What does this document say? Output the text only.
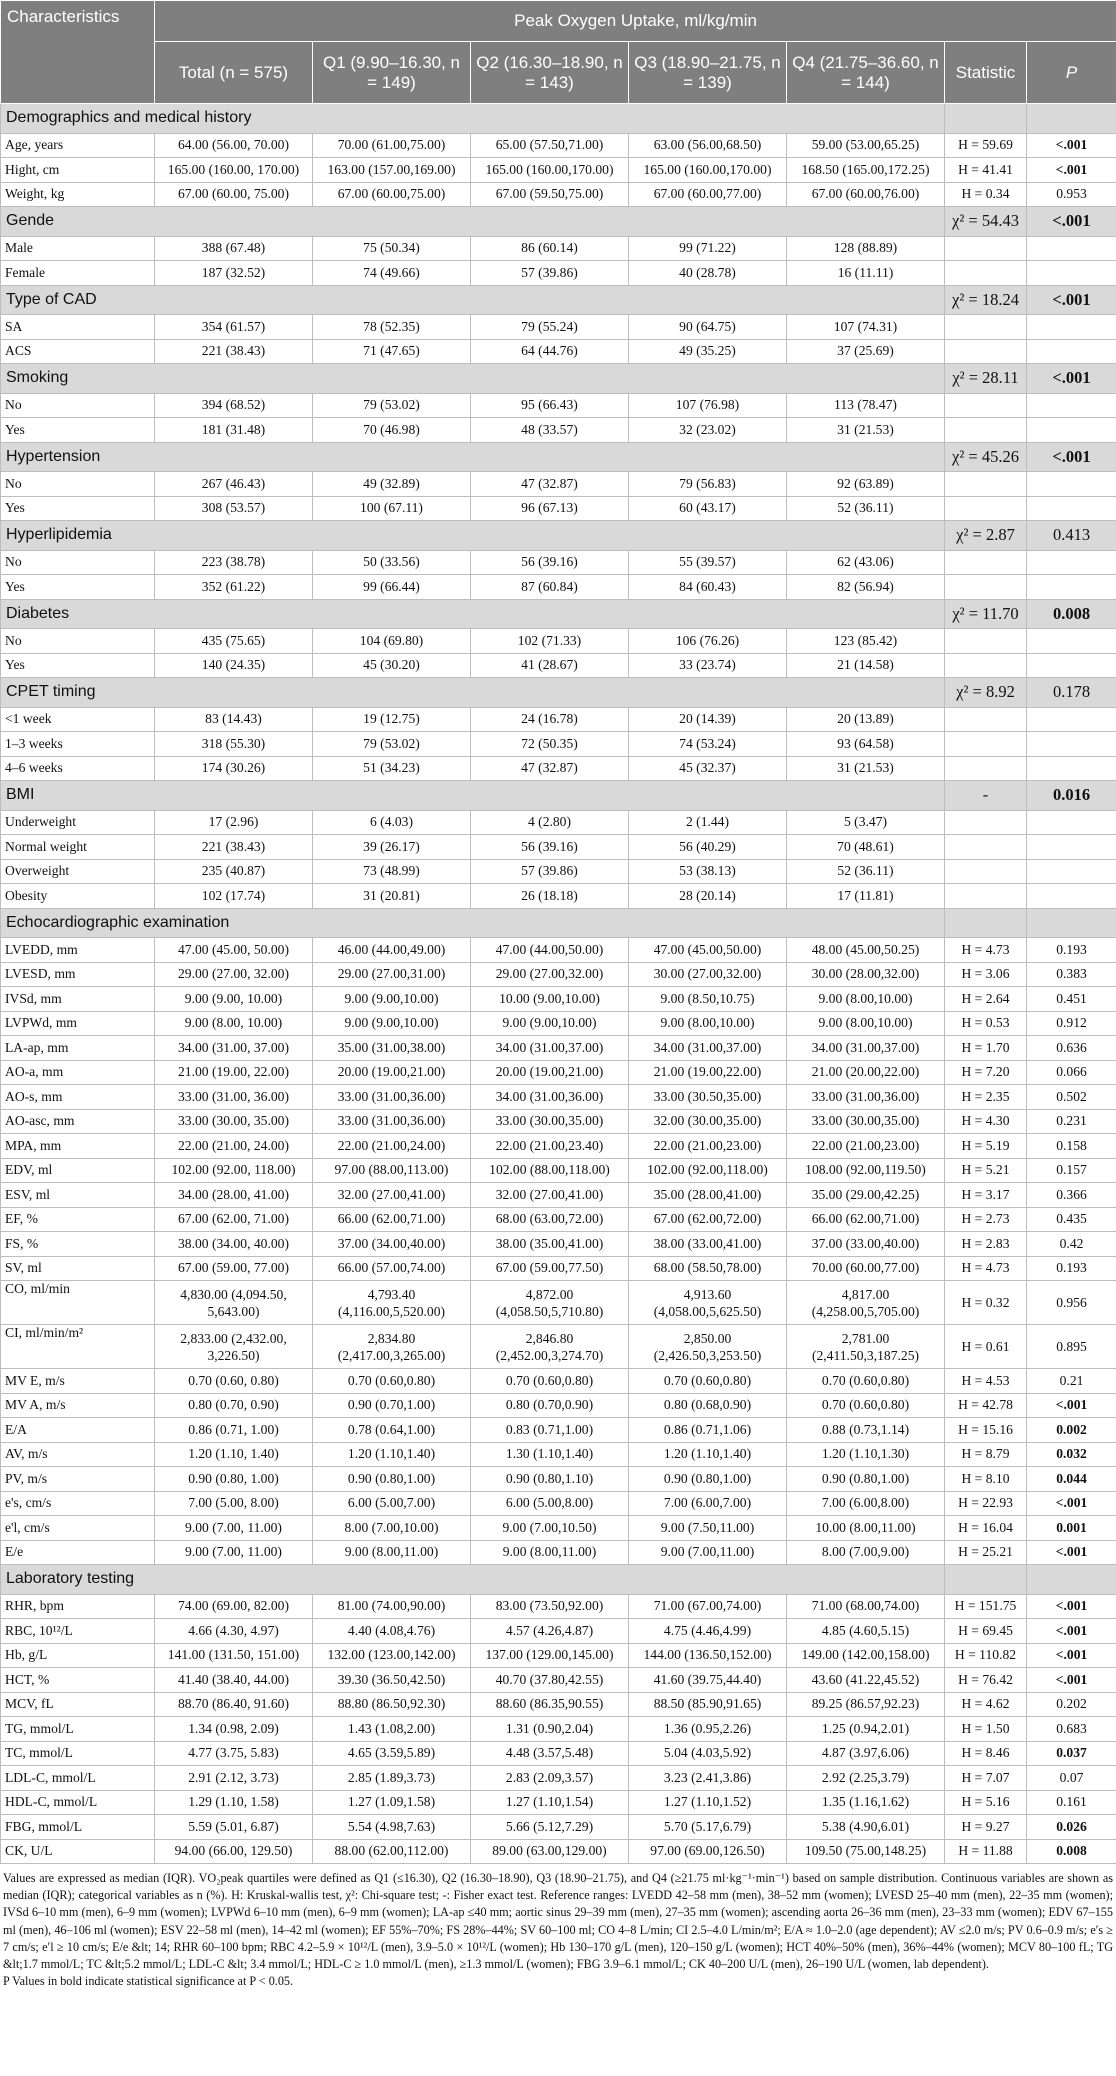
Characteristics	Peak Oxygen Uptake, ml/kg/min						
	Total (n = 575)	Q1 (9.90–16.30, n = 149)	Q2 (16.30–18.90, n = 143)	Q3 (18.90–21.75, n = 139)	Q4 (21.75–36.60, n = 144)	Statistic	P
Demographics and medical history							
Age, years	64.00 (56.00, 70.00)	70.00 (61.00,75.00)	65.00 (57.50,71.00)	63.00 (56.00,68.50)	59.00 (53.00,65.25)	H = 59.69	<.001
Hight, cm	165.00 (160.00, 170.00)	163.00 (157.00,169.00)	165.00 (160.00,170.00)	165.00 (160.00,170.00)	168.50 (165.00,172.25)	H = 41.41	<.001
Weight, kg	67.00 (60.00, 75.00)	67.00 (60.00,75.00)	67.00 (59.50,75.00)	67.00 (60.00,77.00)	67.00 (60.00,76.00)	H = 0.34	0.953
Gende						χ² = 54.43	<.001
Male	388 (67.48)	75 (50.34)	86 (60.14)	99 (71.22)	128 (88.89)		
Female	187 (32.52)	74 (49.66)	57 (39.86)	40 (28.78)	16 (11.11)		
Type of CAD						χ² = 18.24	<.001
SA	354 (61.57)	78 (52.35)	79 (55.24)	90 (64.75)	107 (74.31)		
ACS	221 (38.43)	71 (47.65)	64 (44.76)	49 (35.25)	37 (25.69)		
Smoking						χ² = 28.11	<.001
No	394 (68.52)	79 (53.02)	95 (66.43)	107 (76.98)	113 (78.47)		
Yes	181 (31.48)	70 (46.98)	48 (33.57)	32 (23.02)	31 (21.53)		
Hypertension						χ² = 45.26	<.001
No	267 (46.43)	49 (32.89)	47 (32.87)	79 (56.83)	92 (63.89)		
Yes	308 (53.57)	100 (67.11)	96 (67.13)	60 (43.17)	52 (36.11)		
Hyperlipidemia						χ² = 2.87	0.413
No	223 (38.78)	50 (33.56)	56 (39.16)	55 (39.57)	62 (43.06)		
Yes	352 (61.22)	99 (66.44)	87 (60.84)	84 (60.43)	82 (56.94)		
Diabetes						χ² = 11.70	0.008
No	435 (75.65)	104 (69.80)	102 (71.33)	106 (76.26)	123 (85.42)		
Yes	140 (24.35)	45 (30.20)	41 (28.67)	33 (23.74)	21 (14.58)		
CPET timing						χ² = 8.92	0.178
<1 week	83 (14.43)	19 (12.75)	24 (16.78)	20 (14.39)	20 (13.89)		
1–3 weeks	318 (55.30)	79 (53.02)	72 (50.35)	74 (53.24)	93 (64.58)		
4–6 weeks	174 (30.26)	51 (34.23)	47 (32.87)	45 (32.37)	31 (21.53)		
BMI						-	0.016
Underweight	17 (2.96)	6 (4.03)	4 (2.80)	2 (1.44)	5 (3.47)		
Normal weight	221 (38.43)	39 (26.17)	56 (39.16)	56 (40.29)	70 (48.61)		
Overweight	235 (40.87)	73 (48.99)	57 (39.86)	53 (38.13)	52 (36.11)		
Obesity	102 (17.74)	31 (20.81)	26 (18.18)	28 (20.14)	17 (11.81)		
Echocardiographic examination							
LVEDD, mm	47.00 (45.00, 50.00)	46.00 (44.00,49.00)	47.00 (44.00,50.00)	47.00 (45.00,50.00)	48.00 (45.00,50.25)	H = 4.73	0.193
LVESD, mm	29.00 (27.00, 32.00)	29.00 (27.00,31.00)	29.00 (27.00,32.00)	30.00 (27.00,32.00)	30.00 (28.00,32.00)	H = 3.06	0.383
IVSd, mm	9.00 (9.00, 10.00)	9.00 (9.00,10.00)	10.00 (9.00,10.00)	9.00 (8.50,10.75)	9.00 (8.00,10.00)	H = 2.64	0.451
LVPWd, mm	9.00 (8.00, 10.00)	9.00 (9.00,10.00)	9.00 (9.00,10.00)	9.00 (8.00,10.00)	9.00 (8.00,10.00)	H = 0.53	0.912
LA-ap, mm	34.00 (31.00, 37.00)	35.00 (31.00,38.00)	34.00 (31.00,37.00)	34.00 (31.00,37.00)	34.00 (31.00,37.00)	H = 1.70	0.636
AO-a, mm	21.00 (19.00, 22.00)	20.00 (19.00,21.00)	20.00 (19.00,21.00)	21.00 (19.00,22.00)	21.00 (20.00,22.00)	H = 7.20	0.066
AO-s, mm	33.00 (31.00, 36.00)	33.00 (31.00,36.00)	34.00 (31.00,36.00)	33.00 (30.50,35.00)	33.00 (31.00,36.00)	H = 2.35	0.502
AO-asc, mm	33.00 (30.00, 35.00)	33.00 (31.00,36.00)	33.00 (30.00,35.00)	32.00 (30.00,35.00)	33.00 (30.00,35.00)	H = 4.30	0.231
MPA, mm	22.00 (21.00, 24.00)	22.00 (21.00,24.00)	22.00 (21.00,23.40)	22.00 (21.00,23.00)	22.00 (21.00,23.00)	H = 5.19	0.158
EDV, ml	102.00 (92.00, 118.00)	97.00 (88.00,113.00)	102.00 (88.00,118.00)	102.00 (92.00,118.00)	108.00 (92.00,119.50)	H = 5.21	0.157
ESV, ml	34.00 (28.00, 41.00)	32.00 (27.00,41.00)	32.00 (27.00,41.00)	35.00 (28.00,41.00)	35.00 (29.00,42.25)	H = 3.17	0.366
EF, %	67.00 (62.00, 71.00)	66.00 (62.00,71.00)	68.00 (63.00,72.00)	67.00 (62.00,72.00)	66.00 (62.00,71.00)	H = 2.73	0.435
FS, %	38.00 (34.00, 40.00)	37.00 (34.00,40.00)	38.00 (35.00,41.00)	38.00 (33.00,41.00)	37.00 (33.00,40.00)	H = 2.83	0.42
SV, ml	67.00 (59.00, 77.00)	66.00 (57.00,74.00)	67.00 (59.00,77.50)	68.00 (58.50,78.00)	70.00 (60.00,77.00)	H = 4.73	0.193
CO, ml/min	4,830.00 (4,094.50, 5,643.00)	4,793.40 (4,116.00,5,520.00)	4,872.00 (4,058.50,5,710.80)	4,913.60 (4,058.00,5,625.50)	4,817.00 (4,258.00,5,705.00)	H = 0.32	0.956
CI, ml/min/m²	2,833.00 (2,432.00, 3,226.50)	2,834.80 (2,417.00,3,265.00)	2,846.80 (2,452.00,3,274.70)	2,850.00 (2,426.50,3,253.50)	2,781.00 (2,411.50,3,187.25)	H = 0.61	0.895
MV E, m/s	0.70 (0.60, 0.80)	0.70 (0.60,0.80)	0.70 (0.60,0.80)	0.70 (0.60,0.80)	0.70 (0.60,0.80)	H = 4.53	0.21
MV A, m/s	0.80 (0.70, 0.90)	0.90 (0.70,1.00)	0.80 (0.70,0.90)	0.80 (0.68,0.90)	0.70 (0.60,0.80)	H = 42.78	<.001
E/A	0.86 (0.71, 1.00)	0.78 (0.64,1.00)	0.83 (0.71,1.00)	0.86 (0.71,1.06)	0.88 (0.73,1.14)	H = 15.16	0.002
AV, m/s	1.20 (1.10, 1.40)	1.20 (1.10,1.40)	1.30 (1.10,1.40)	1.20 (1.10,1.40)	1.20 (1.10,1.30)	H = 8.79	0.032
PV, m/s	0.90 (0.80, 1.00)	0.90 (0.80,1.00)	0.90 (0.80,1.10)	0.90 (0.80,1.00)	0.90 (0.80,1.00)	H = 8.10	0.044
e's, cm/s	7.00 (5.00, 8.00)	6.00 (5.00,7.00)	6.00 (5.00,8.00)	7.00 (6.00,7.00)	7.00 (6.00,8.00)	H = 22.93	<.001
e'l, cm/s	9.00 (7.00, 11.00)	8.00 (7.00,10.00)	9.00 (7.00,10.50)	9.00 (7.50,11.00)	10.00 (8.00,11.00)	H = 16.04	0.001
E/e	9.00 (7.00, 11.00)	9.00 (8.00,11.00)	9.00 (8.00,11.00)	9.00 (7.00,11.00)	8.00 (7.00,9.00)	H = 25.21	<.001
Laboratory testing							
RHR, bpm	74.00 (69.00, 82.00)	81.00 (74.00,90.00)	83.00 (73.50,92.00)	71.00 (67.00,74.00)	71.00 (68.00,74.00)	H = 151.75	<.001
RBC, 10¹²/L	4.66 (4.30, 4.97)	4.40 (4.08,4.76)	4.57 (4.26,4.87)	4.75 (4.46,4.99)	4.85 (4.60,5.15)	H = 69.45	<.001
Hb, g/L	141.00 (131.50, 151.00)	132.00 (123.00,142.00)	137.00 (129.00,145.00)	144.00 (136.50,152.00)	149.00 (142.00,158.00)	H = 110.82	<.001
HCT, %	41.40 (38.40, 44.00)	39.30 (36.50,42.50)	40.70 (37.80,42.55)	41.60 (39.75,44.40)	43.60 (41.22,45.52)	H = 76.42	<.001
MCV, fL	88.70 (86.40, 91.60)	88.80 (86.50,92.30)	88.60 (86.35,90.55)	88.50 (85.90,91.65)	89.25 (86.57,92.23)	H = 4.62	0.202
TG, mmol/L	1.34 (0.98, 2.09)	1.43 (1.08,2.00)	1.31 (0.90,2.04)	1.36 (0.95,2.26)	1.25 (0.94,2.01)	H = 1.50	0.683
TC, mmol/L	4.77 (3.75, 5.83)	4.65 (3.59,5.89)	4.48 (3.57,5.48)	5.04 (4.03,5.92)	4.87 (3.97,6.06)	H = 8.46	0.037
LDL-C, mmol/L	2.91 (2.12, 3.73)	2.85 (1.89,3.73)	2.83 (2.09,3.57)	3.23 (2.41,3.86)	2.92 (2.25,3.79)	H = 7.07	0.07
HDL-C, mmol/L	1.29 (1.10, 1.58)	1.27 (1.09,1.58)	1.27 (1.10,1.54)	1.27 (1.10,1.52)	1.35 (1.16,1.62)	H = 5.16	0.161
FBG, mmol/L	5.59 (5.01, 6.87)	5.54 (4.98,7.63)	5.66 (5.12,7.29)	5.70 (5.17,6.79)	5.38 (4.90,6.01)	H = 9.27	0.026
CK, U/L	94.00 (66.00, 129.50)	88.00 (62.00,112.00)	89.00 (63.00,129.00)	97.00 (69.00,126.50)	109.50 (75.00,148.25)	H = 11.88	0.008
Values are expressed as median (IQR). VO₂peak quartiles were defined as Q1 (≤16.30), Q2 (16.30–18.90), Q3 (18.90–21.75), and Q4 (≥21.75 ml·kg⁻¹·min⁻¹) based on sample distribution. Continuous variables are shown as median (IQR); categorical variables as n (%). H: Kruskal-wallis test, χ²: Chi-square test; -: Fisher exact test. Reference ranges: LVEDD 42–58 mm (men), 38–52 mm (women); LVESD 25–40 mm (men), 22–35 mm (women); IVSd 6–10 mm (men), 6–9 mm (women); LVPWd 6–10 mm (men), 6–9 mm (women); LA-ap ≤40 mm; aortic sinus 29–39 mm (men), 27–35 mm (women); ascending aorta 26–36 mm (men), 23–33 mm (women); EDV 67–155 ml (men), 46–106 ml (women); ESV 22–58 ml (men), 14–42 ml (women); EF 55%–70%; FS 28%–44%; SV 60–100 ml; CO 4–8 L/min; CI 2.5–4.0 L/min/m²; E/A ≈ 1.0–2.0 (age dependent); AV ≤2.0 m/s; PV 0.6–0.9 m/s; e′s ≥ 7 cm/s; e′l ≥ 10 cm/s; E/e &lt; 14; RHR 60–100 bpm; RBC 4.2–5.9 × 10¹²/L (men), 3.9–5.0 × 10¹²/L (women); Hb 130–170 g/L (men), 120–150 g/L (women); HCT 40%–50% (men), 36%–44% (women); MCV 80–100 fL; TG &lt;1.7 mmol/L; TC &lt;5.2 mmol/L; LDL-C &lt; 3.4 mmol/L; HDL-C ≥ 1.0 mmol/L (men), ≥1.3 mmol/L (women); FBG 3.9–6.1 mmol/L; CK 40–200 U/L (men), 26–190 U/L (women, lab dependent).
P Values in bold indicate statistical significance at P < 0.05.
